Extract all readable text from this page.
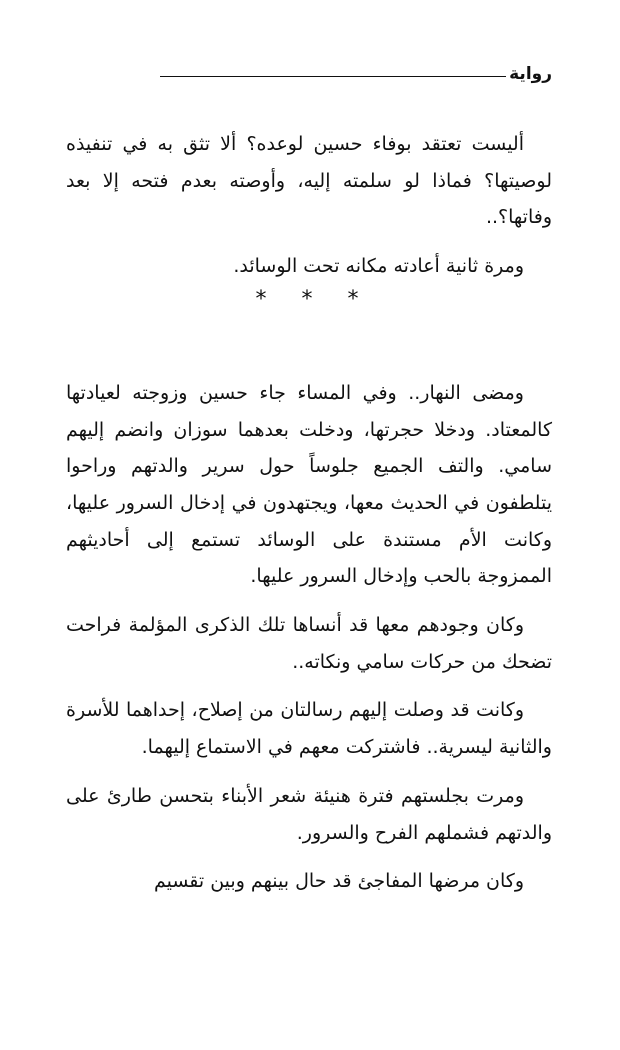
رواية

أليست تعتقد بوفاء حسين لوعده؟ ألا تثق به في تنفيذه لوصيتها؟ فماذا لو سلمته إليه، وأوصته بعدم فتحه إلا بعد وفاتها؟..

ومرة ثانية أعادته مكانه تحت الوسائد.

* * *

ومضى النهار.. وفي المساء جاء حسين وزوجته لعيادتها كالمعتاد. ودخلا حجرتها، ودخلت بعدهما سوزان وانضم إليهم سامي. والتف الجميع جلوساً حول سرير والدتهم وراحوا يتلطفون في الحديث معها، ويجتهدون في إدخال السرور عليها، وكانت الأم مستندة على الوسائد تستمع إلى أحاديثهم الممزوجة بالحب وإدخال السرور عليها.

وكان وجودهم معها قد أنساها تلك الذكرى المؤلمة فراحت تضحك من حركات سامي ونكاته..

وكانت قد وصلت إليهم رسالتان من إصلاح، إحداهما للأسرة والثانية ليسرية.. فاشتركت معهم في الاستماع إليهما.

ومرت بجلستهم فترة هنيئة شعر الأبناء بتحسن طارئ على والدتهم فشملهم الفرح والسرور.

وكان مرضها المفاجئ قد حال بينهم وبين تقسيم
